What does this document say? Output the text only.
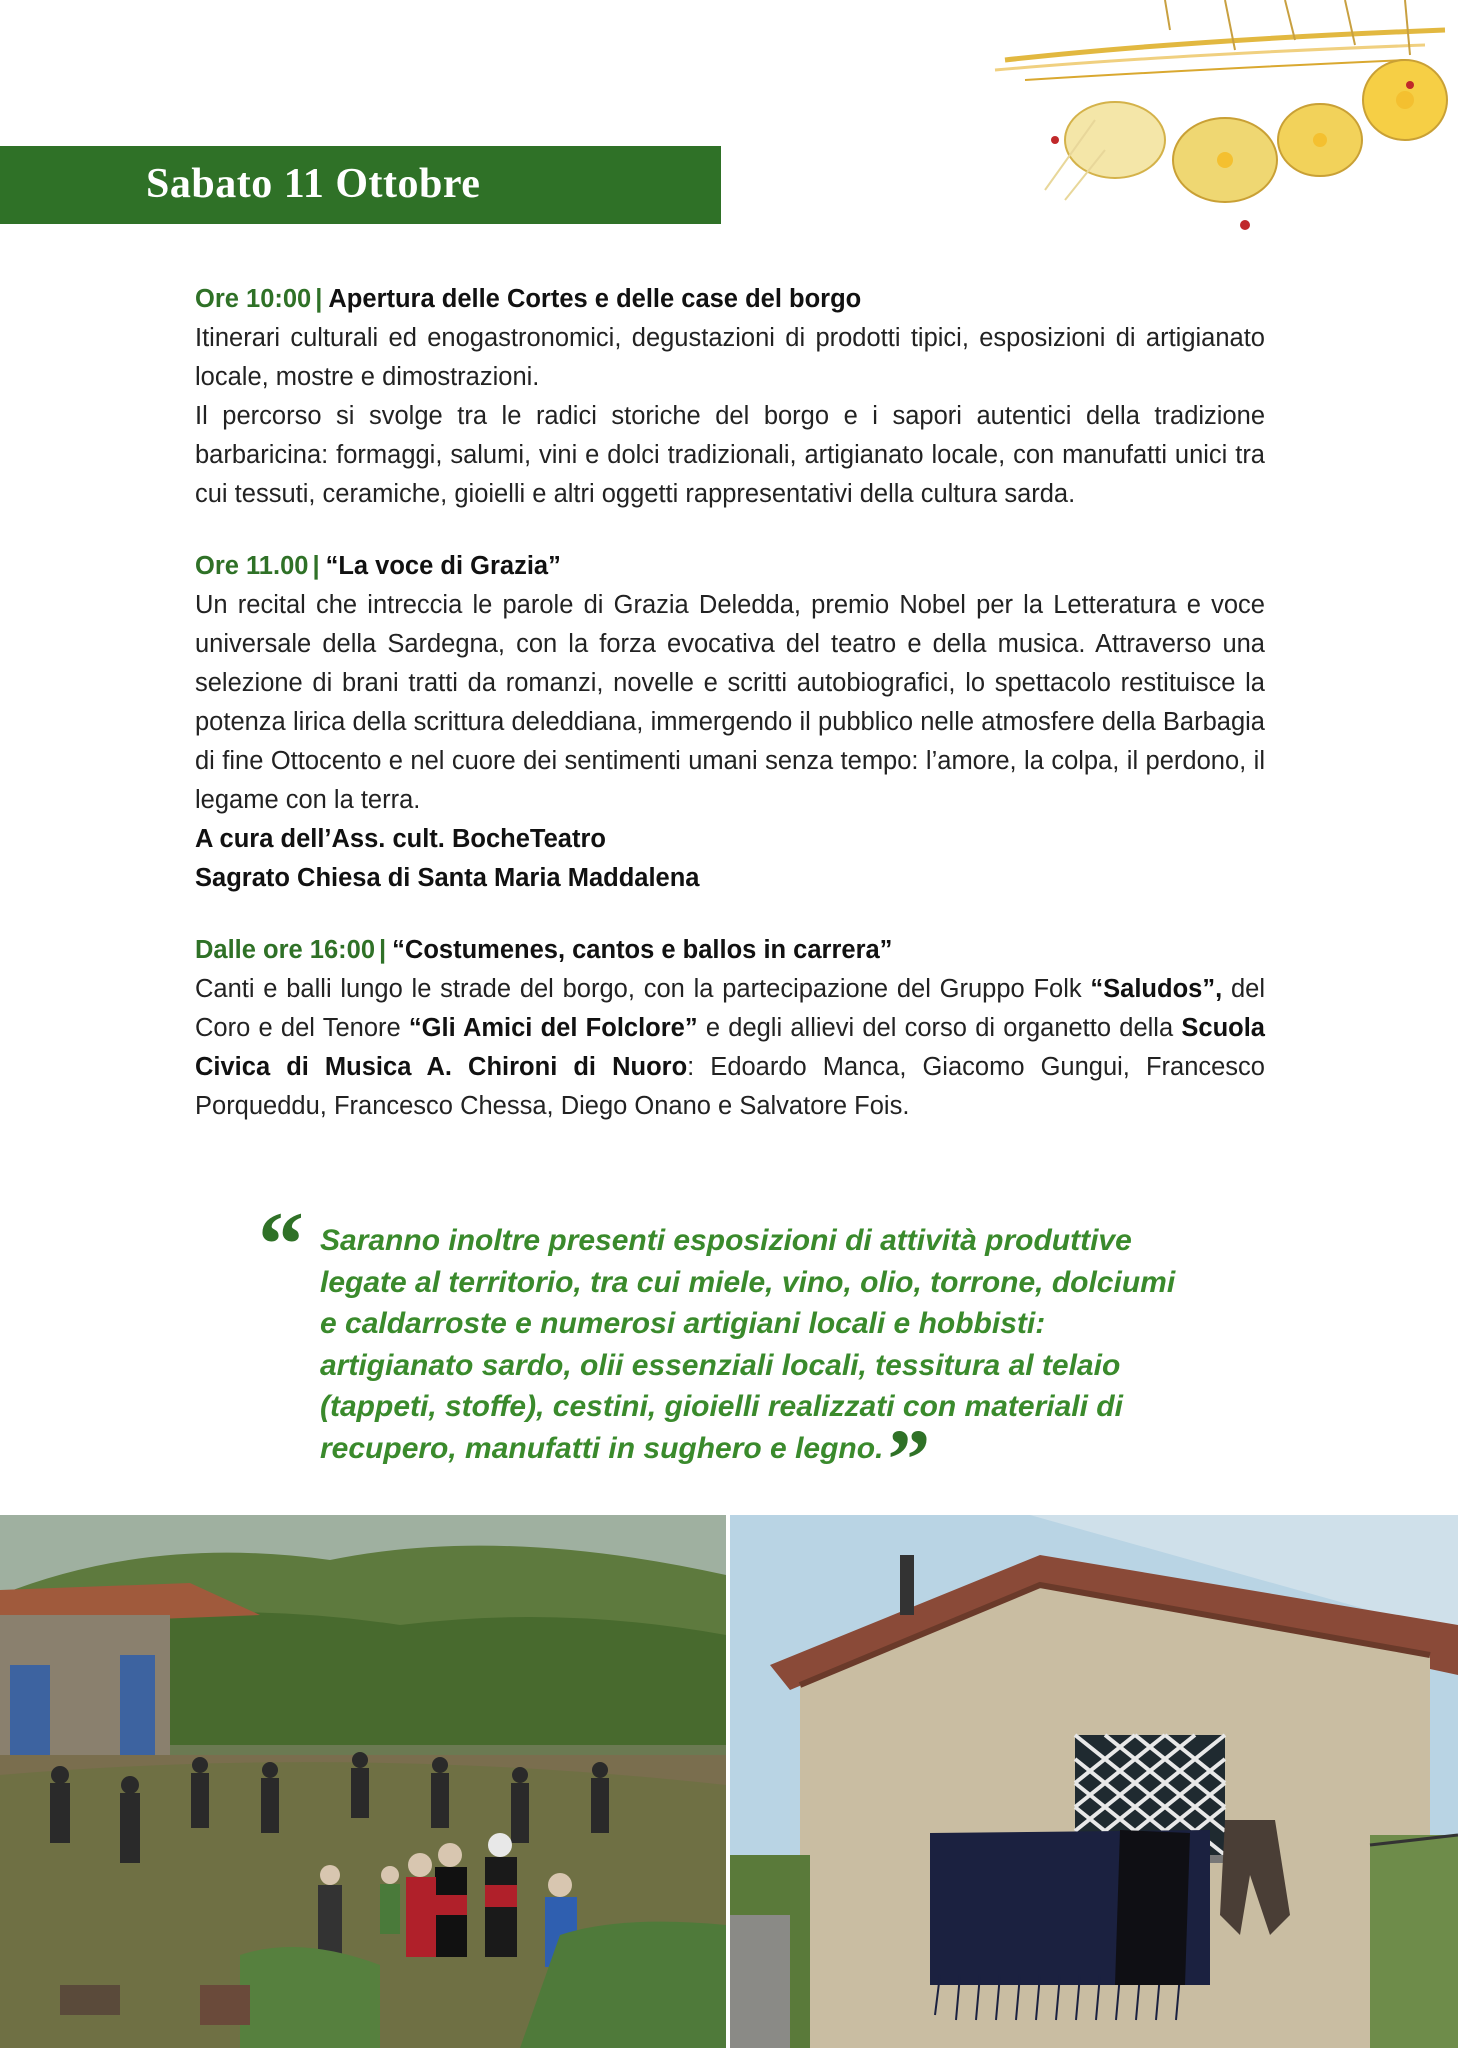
Sabato 11 Ottobre
Ore 10:00 | Apertura delle Cortes e delle case del borgo

Itinerari culturali ed enogastronomici, degustazioni di prodotti tipici, esposizioni di artigianato locale, mostre e dimostrazioni.

Il percorso si svolge tra le radici storiche del borgo e i sapori autentici della tradizione barbaricina: formaggi, salumi, vini e dolci tradizionali, artigianato locale, con manufatti unici tra cui tessuti, ceramiche, gioielli e altri oggetti rappresentativi della cultura sarda.

Ore 11.00 | “La voce di Grazia”

Un recital che intreccia le parole di Grazia Deledda, premio Nobel per la Letteratura e voce universale della Sardegna, con la forza evocativa del teatro e della musica. Attraverso una selezione di brani tratti da romanzi, novelle e scritti autobiografici, lo spettacolo restituisce la potenza lirica della scrittura deleddiana, immergendo il pubblico nelle atmosfere della Barbagia di fine Ottocento e nel cuore dei sentimenti umani senza tempo: l’amore, la colpa, il perdono, il legame con la terra.

A cura dell’Ass. cult. BocheTeatro
Sagrato Chiesa di Santa Maria Maddalena
Dalle ore 16:00 | “Costumenes, cantos e ballos in carrera”

Canti e balli lungo le strade del borgo, con la partecipazione del Gruppo Folk “Saludos”, del Coro e del Tenore “Gli Amici del Folclore” e degli allievi del corso di organetto della Scuola Civica di Musica A. Chironi di Nuoro: Edoardo Manca, Giacomo Gungui, Francesco Porqueddu, Francesco Chessa, Diego Onano e Salvatore Fois.

“ Saranno inoltre presenti esposizioni di attività produttive legate al territorio, tra cui miele, vino, olio, torrone, dolciumi e caldarroste e numerosi artigiani locali e hobbisti: artigianato sardo, olii essenziali locali, tessitura al telaio (tappeti, stoffe), cestini, gioielli realizzati con materiali di recupero, manufatti in sughero e legno.”
